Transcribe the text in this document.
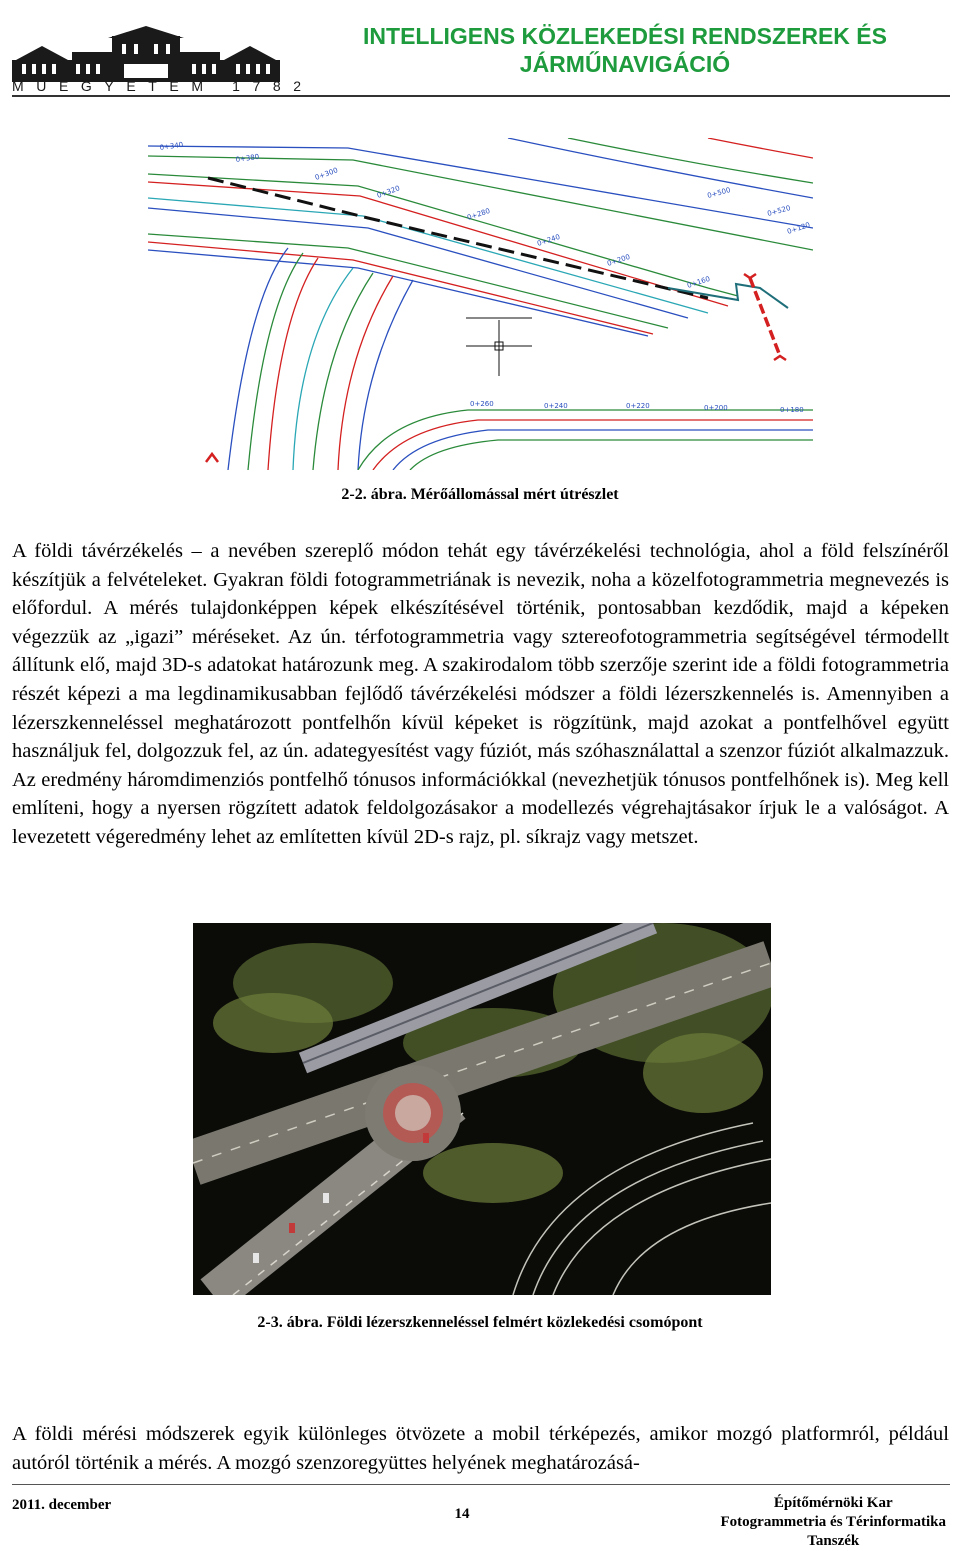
MŰEGYETEM 1782
INTELLIGENS KÖZLEKEDÉSI RENDSZEREK ÉS
JÁRMŰNAVIGÁCIÓ
0+340
0+380
0+300
0+320
0+280
0+240
0+200
0+160
0+120
0+260	0+240	0+220	0+200	0+180
0+500
0+520
2-2. ábra. Mérőállomással mért útrészlet
A földi távérzékelés – a nevében szereplő módon tehát egy távérzékelési technológia, ahol a föld felszínéről készítjük a felvételeket. Gyakran földi fotogrammetriának is nevezik, noha a közelfotogrammetria megnevezés is előfordul. A mérés tulajdonképpen képek elkészítésével történik, pontosabban kezdődik, majd a képeken végezzük az „igazi” méréseket. Az ún. térfotogrammetria vagy sztereofotogrammetria segítségével térmodellt állítunk elő, majd 3D-s adatokat határozunk meg. A szakirodalom több szerzője szerint ide a földi fotogrammetria részét képezi a ma legdinamikusabban fejlődő távérzékelési módszer a földi lézerszkennelés is. Amennyiben a lézerszkenneléssel meghatározott pontfelhőn kívül képeket is rögzítünk, majd azokat a pontfelhővel együtt használjuk fel, dolgozzuk fel, az ún. adategyesítést vagy fúziót, más szóhasználattal a szenzor fúziót alkalmazzuk. Az eredmény háromdimenziós pontfelhő tónusos információkkal (nevezhetjük tónusos pontfelhőnek is). Meg kell említeni, hogy a nyersen rögzített adatok feldolgozásakor a modellezés végrehajtásakor írjuk le a valóságot. A levezetett végeredmény lehet az említetten kívül 2D-s rajz, pl. síkrajz vagy metszet.
2-3. ábra. Földi lézerszkenneléssel felmért közlekedési csomópont
A földi mérési módszerek egyik különleges ötvözete a mobil térképezés, amikor mozgó platformról, például autóról történik a mérés. A mozgó szenzoregyüttes helyének meghatározásá-
2011. december
14
Építőmérnöki Kar
Fotogrammetria és Térinformatika
Tanszék
